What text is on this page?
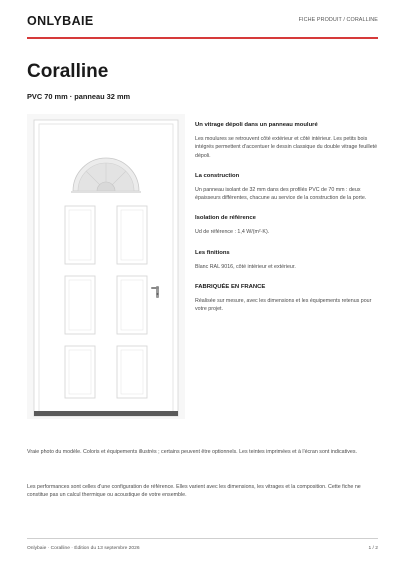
ONLYBAIE	FICHE PRODUIT / CORALLINE
Coralline
PVC 70 mm · panneau 32 mm
Un vitrage dépoli dans un panneau mouluré
Les moulures se retrouvent côté extérieur et côté intérieur. Les petits bois intégrés permettent d'accentuer le dessin classique du double vitrage feuilleté dépoli.
La construction
Un panneau isolant de 32 mm dans des profilés PVC de 70 mm : deux épaisseurs différentes, chacune au service de la construction de la porte.
Isolation de référence
Ud de référence : 1,4 W/(m²·K).
Les finitions
Blanc RAL 9016, côté intérieur et extérieur.
FABRIQUÉE EN FRANCE
Réalisée sur mesure, avec les dimensions et les équipements retenus pour votre projet.

Vraie photo du modèle. Coloris et équipements illustrés ; certains peuvent être optionnels. Les teintes imprimées et à l'écran sont indicatives.

Les performances sont celles d'une configuration de référence. Elles varient avec les dimensions, les vitrages et la composition. Cette fiche ne constitue pas un calcul thermique ou acoustique de votre ensemble.

Onlybaie · Coralline · Édition du 13 septembre 2026	1 / 2
